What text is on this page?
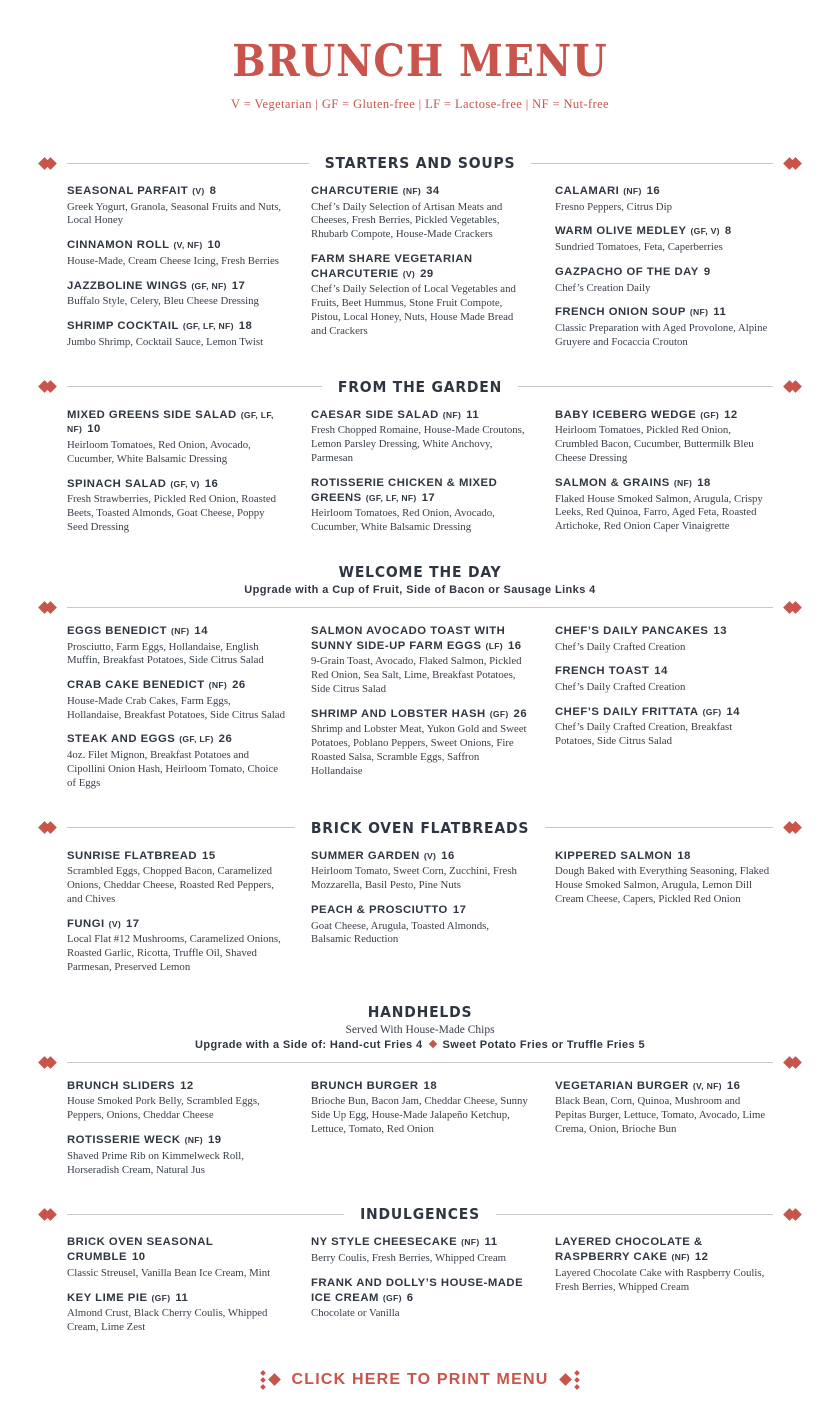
BRUNCH MENU
V = Vegetarian | GF = Gluten-free | LF = Lactose-free | NF = Nut-free
STARTERS AND SOUPS
SEASONAL PARFAIT (V) 8
Greek Yogurt, Granola, Seasonal Fruits and Nuts, Local Honey
CINNAMON ROLL (V, NF) 10
House-Made, Cream Cheese Icing, Fresh Berries
JAZZBOLINE WINGS (GF, NF) 17
Buffalo Style, Celery, Bleu Cheese Dressing
SHRIMP COCKTAIL (GF, LF, NF) 18
Jumbo Shrimp, Cocktail Sauce, Lemon Twist
CHARCUTERIE (NF) 34
Chef’s Daily Selection of Artisan Meats and Cheeses, Fresh Berries, Pickled Vegetables, Rhubarb Compote, House-Made Crackers
FARM SHARE VEGETARIAN CHARCUTERIE (V) 29
Chef’s Daily Selection of Local Vegetables and Fruits, Beet Hummus, Stone Fruit Compote, Pistou, Local Honey, Nuts, House Made Bread and Crackers
CALAMARI (NF) 16
Fresno Peppers, Citrus Dip
WARM OLIVE MEDLEY (GF, V) 8
Sundried Tomatoes, Feta, Caperberries
GAZPACHO OF THE DAY 9
Chef’s Creation Daily
FRENCH ONION SOUP (NF) 11
Classic Preparation with Aged Provolone, Alpine Gruyere and Focaccia Crouton
FROM THE GARDEN
MIXED GREENS SIDE SALAD (GF, LF, NF) 10
Heirloom Tomatoes, Red Onion, Avocado, Cucumber, White Balsamic Dressing
SPINACH SALAD (GF, V) 16
Fresh Strawberries, Pickled Red Onion, Roasted Beets, Toasted Almonds, Goat Cheese, Poppy Seed Dressing
CAESAR SIDE SALAD (NF) 11
Fresh Chopped Romaine, House-Made Croutons, Lemon Parsley Dressing, White Anchovy, Parmesan
ROTISSERIE CHICKEN & MIXED GREENS (GF, LF, NF) 17
Heirloom Tomatoes, Red Onion, Avocado, Cucumber, White Balsamic Dressing
BABY ICEBERG WEDGE (GF) 12
Heirloom Tomatoes, Pickled Red Onion, Crumbled Bacon, Cucumber, Buttermilk Bleu Cheese Dressing
SALMON & GRAINS (NF) 18
Flaked House Smoked Salmon, Arugula, Crispy Leeks, Red Quinoa, Farro, Aged Feta, Roasted Artichoke, Red Onion Caper Vinaigrette
WELCOME THE DAY
Upgrade with a Cup of Fruit, Side of Bacon or Sausage Links 4
EGGS BENEDICT (NF) 14
Prosciutto, Farm Eggs, Hollandaise, English Muffin, Breakfast Potatoes, Side Citrus Salad
CRAB CAKE BENEDICT (NF) 26
House-Made Crab Cakes, Farm Eggs, Hollandaise, Breakfast Potatoes, Side Citrus Salad
STEAK AND EGGS (GF, LF) 26
4oz. Filet Mignon, Breakfast Potatoes and Cipollini Onion Hash, Heirloom Tomato, Choice of Eggs
SALMON AVOCADO TOAST WITH SUNNY SIDE-UP FARM EGGS (LF) 16
9-Grain Toast, Avocado, Flaked Salmon, Pickled Red Onion, Sea Salt, Lime, Breakfast Potatoes, Side Citrus Salad
SHRIMP AND LOBSTER HASH (GF) 26
Shrimp and Lobster Meat, Yukon Gold and Sweet Potatoes, Poblano Peppers, Sweet Onions, Fire Roasted Salsa, Scramble Eggs, Saffron Hollandaise
CHEF’S DAILY PANCAKES 13
Chef’s Daily Crafted Creation
FRENCH TOAST 14
Chef’s Daily Crafted Creation
CHEF’S DAILY FRITTATA (GF) 14
Chef’s Daily Crafted Creation, Breakfast Potatoes, Side Citrus Salad
BRICK OVEN FLATBREADS
SUNRISE FLATBREAD 15
Scrambled Eggs, Chopped Bacon, Caramelized Onions, Cheddar Cheese, Roasted Red Peppers, and Chives
FUNGI (V) 17
Local Flat #12 Mushrooms, Caramelized Onions, Roasted Garlic, Ricotta, Truffle Oil, Shaved Parmesan, Preserved Lemon
SUMMER GARDEN (V) 16
Heirloom Tomato, Sweet Corn, Zucchini, Fresh Mozzarella, Basil Pesto, Pine Nuts
PEACH & PROSCIUTTO 17
Goat Cheese, Arugula, Toasted Almonds, Balsamic Reduction
KIPPERED SALMON 18
Dough Baked with Everything Seasoning, Flaked House Smoked Salmon, Arugula, Lemon Dill Cream Cheese, Capers, Pickled Red Onion
HANDHELDS
Served With House-Made Chips
Upgrade with a Side of: Hand-cut Fries 4 Sweet Potato Fries or Truffle Fries 5
BRUNCH SLIDERS 12
House Smoked Pork Belly, Scrambled Eggs, Peppers, Onions, Cheddar Cheese
ROTISSERIE WECK (NF) 19
Shaved Prime Rib on Kimmelweck Roll, Horseradish Cream, Natural Jus
BRUNCH BURGER 18
Brioche Bun, Bacon Jam, Cheddar Cheese, Sunny Side Up Egg, House-Made Jalapeño Ketchup, Lettuce, Tomato, Red Onion
VEGETARIAN BURGER (V, NF) 16
Black Bean, Corn, Quinoa, Mushroom and Pepitas Burger, Lettuce, Tomato, Avocado, Lime Crema, Onion, Brioche Bun
INDULGENCES
BRICK OVEN SEASONAL CRUMBLE 10
Classic Streusel, Vanilla Bean Ice Cream, Mint
KEY LIME PIE (GF) 11
Almond Crust, Black Cherry Coulis, Whipped Cream, Lime Zest
NY STYLE CHEESECAKE (NF) 11
Berry Coulis, Fresh Berries, Whipped Cream
FRANK AND DOLLY’S HOUSE-MADE ICE CREAM (GF) 6
Chocolate or Vanilla
LAYERED CHOCOLATE & RASPBERRY CAKE (NF) 12
Layered Chocolate Cake with Raspberry Coulis, Fresh Berries, Whipped Cream
CLICK HERE TO PRINT MENU
